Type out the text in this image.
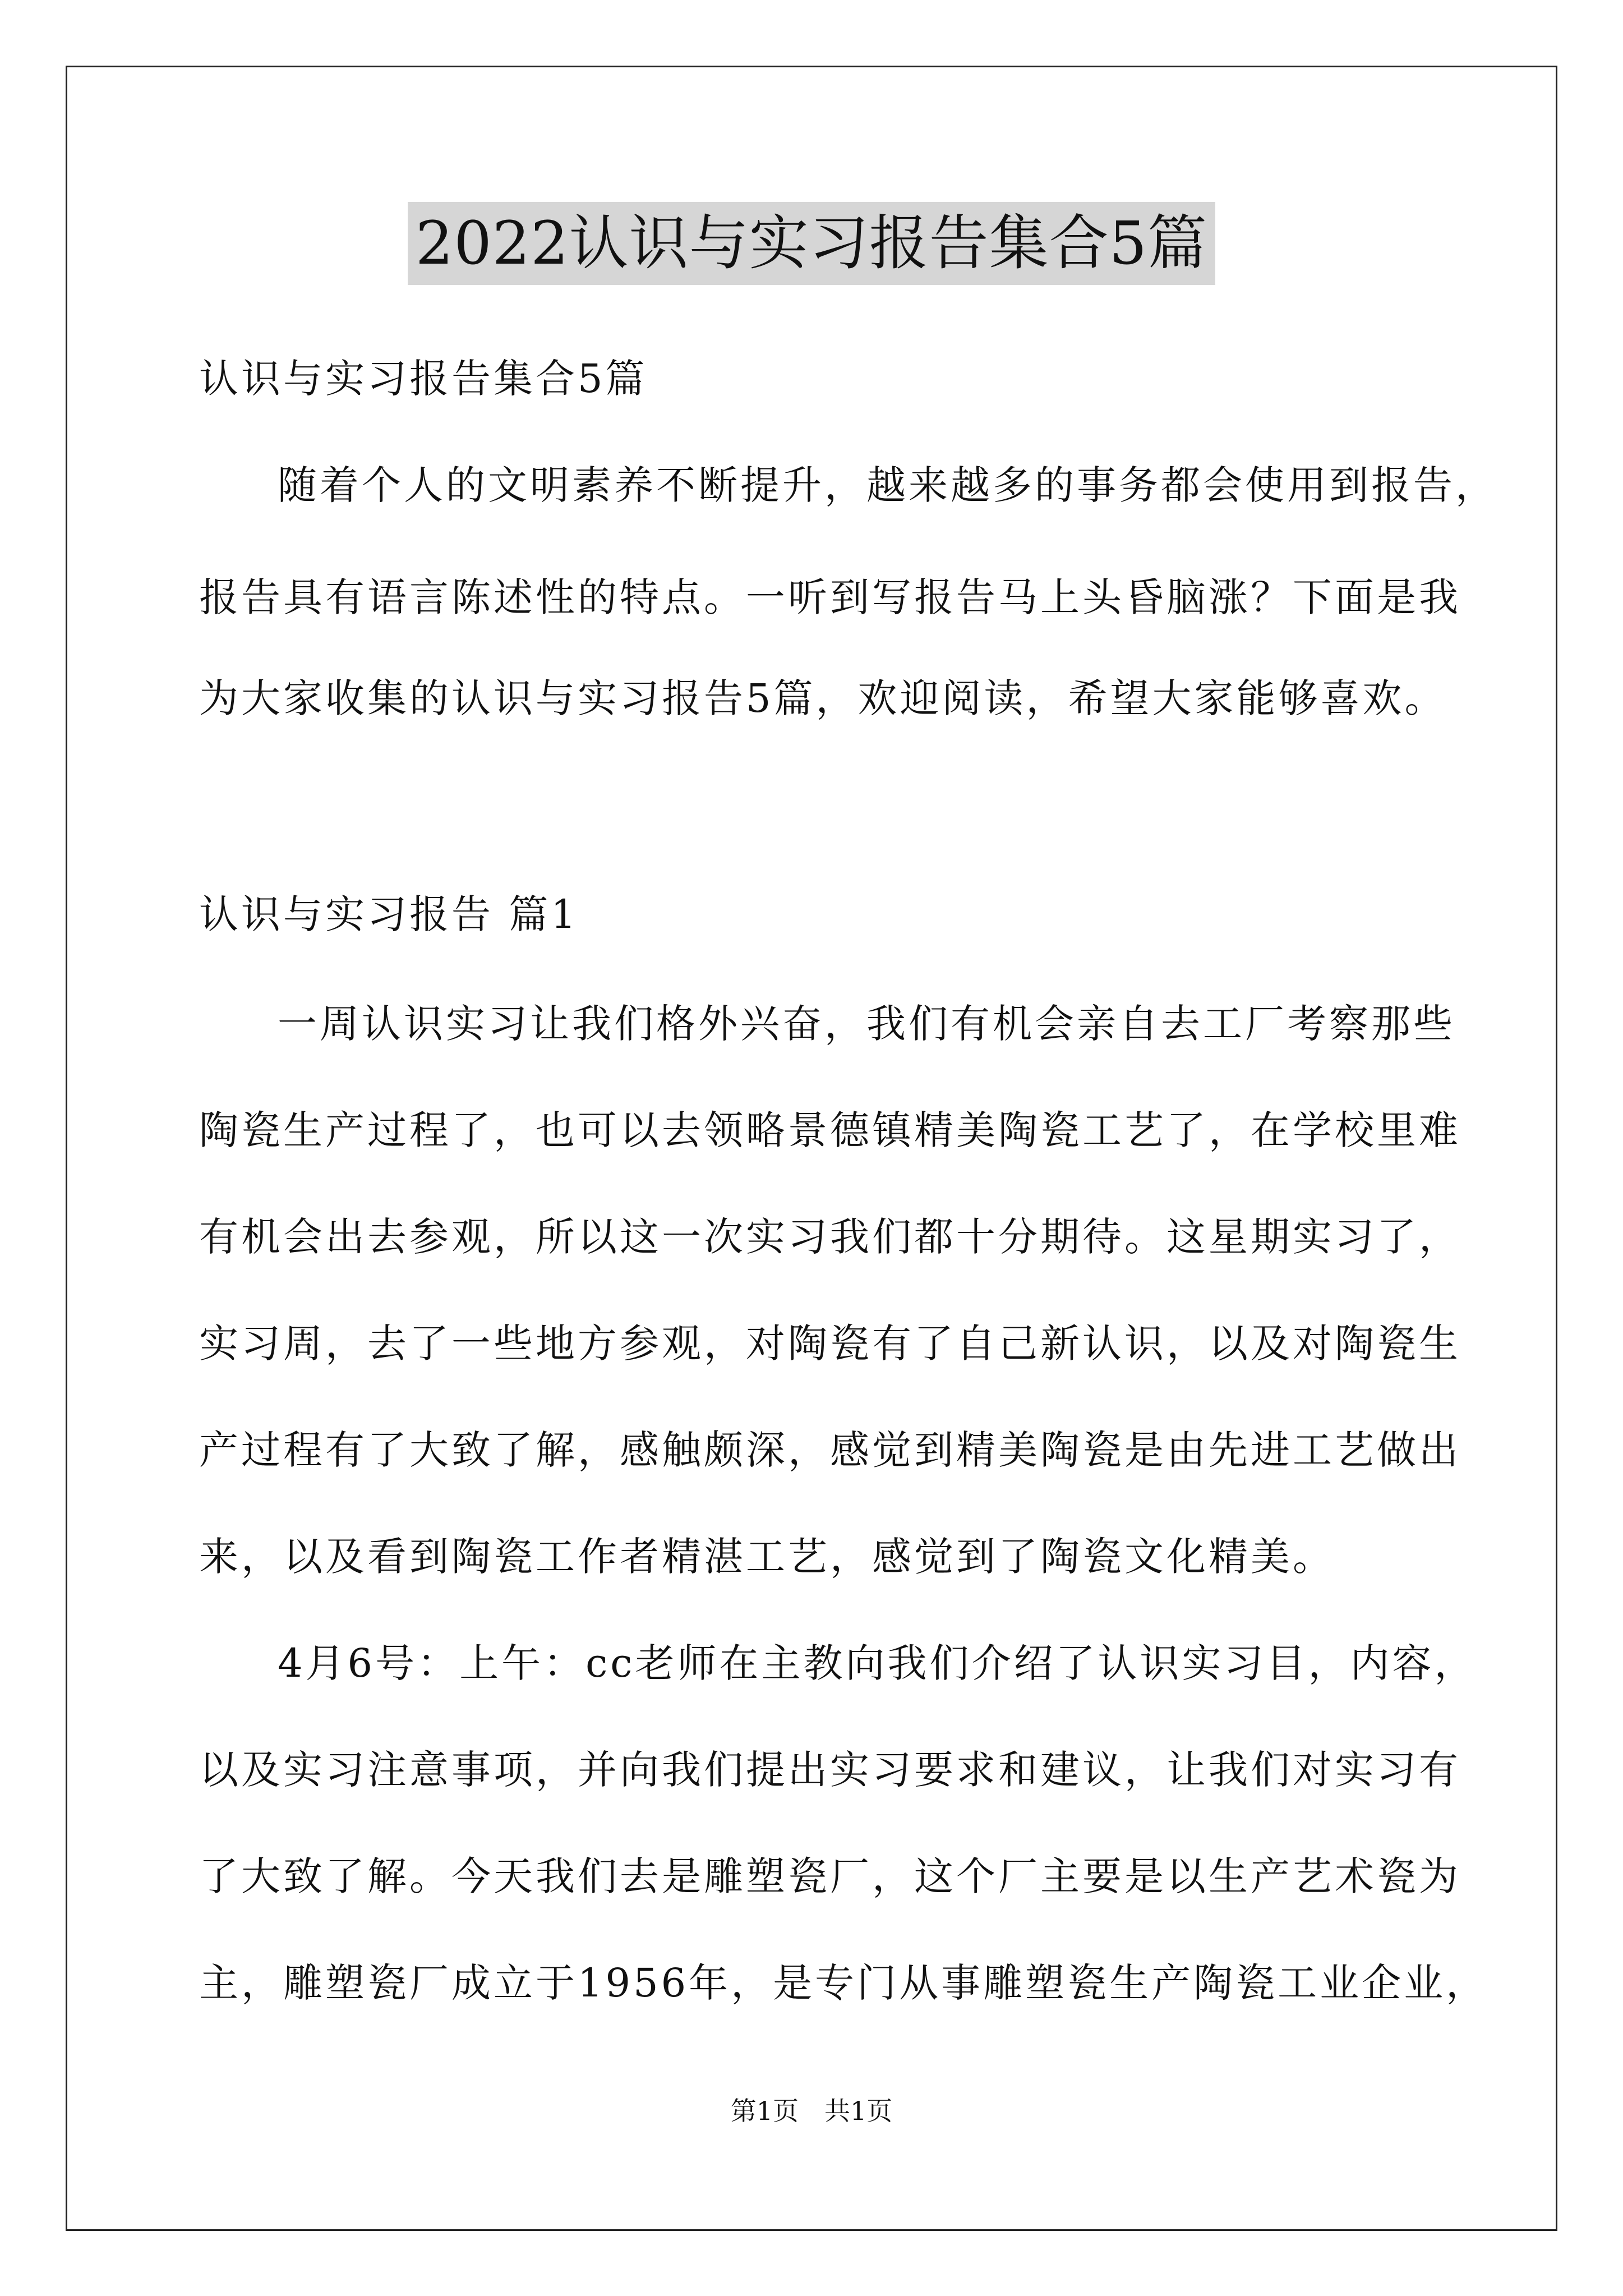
2022认识与实习报告集合5篇
认识与实习报告集合5篇
随着个人的文明素养不断提升，越来越多的事务都会使用到报告，
报告具有语言陈述性的特点。一听到写报告马上头昏脑涨？下面是我
为大家收集的认识与实习报告5篇，欢迎阅读，希望大家能够喜欢。
认识与实习报告 篇1
一周认识实习让我们格外兴奋，我们有机会亲自去工厂考察那些
陶瓷生产过程了，也可以去领略景德镇精美陶瓷工艺了，在学校里难
有机会出去参观，所以这一次实习我们都十分期待。这星期实习了，
实习周，去了一些地方参观，对陶瓷有了自己新认识，以及对陶瓷生
产过程有了大致了解，感触颇深，感觉到精美陶瓷是由先进工艺做出
来，以及看到陶瓷工作者精湛工艺，感觉到了陶瓷文化精美。
4月6号：上午：cc老师在主教向我们介绍了认识实习目，内容，
以及实习注意事项，并向我们提出实习要求和建议，让我们对实习有
了大致了解。今天我们去是雕塑瓷厂，这个厂主要是以生产艺术瓷为
主，雕塑瓷厂成立于1956年，是专门从事雕塑瓷生产陶瓷工业企业，
第1页　共1页
